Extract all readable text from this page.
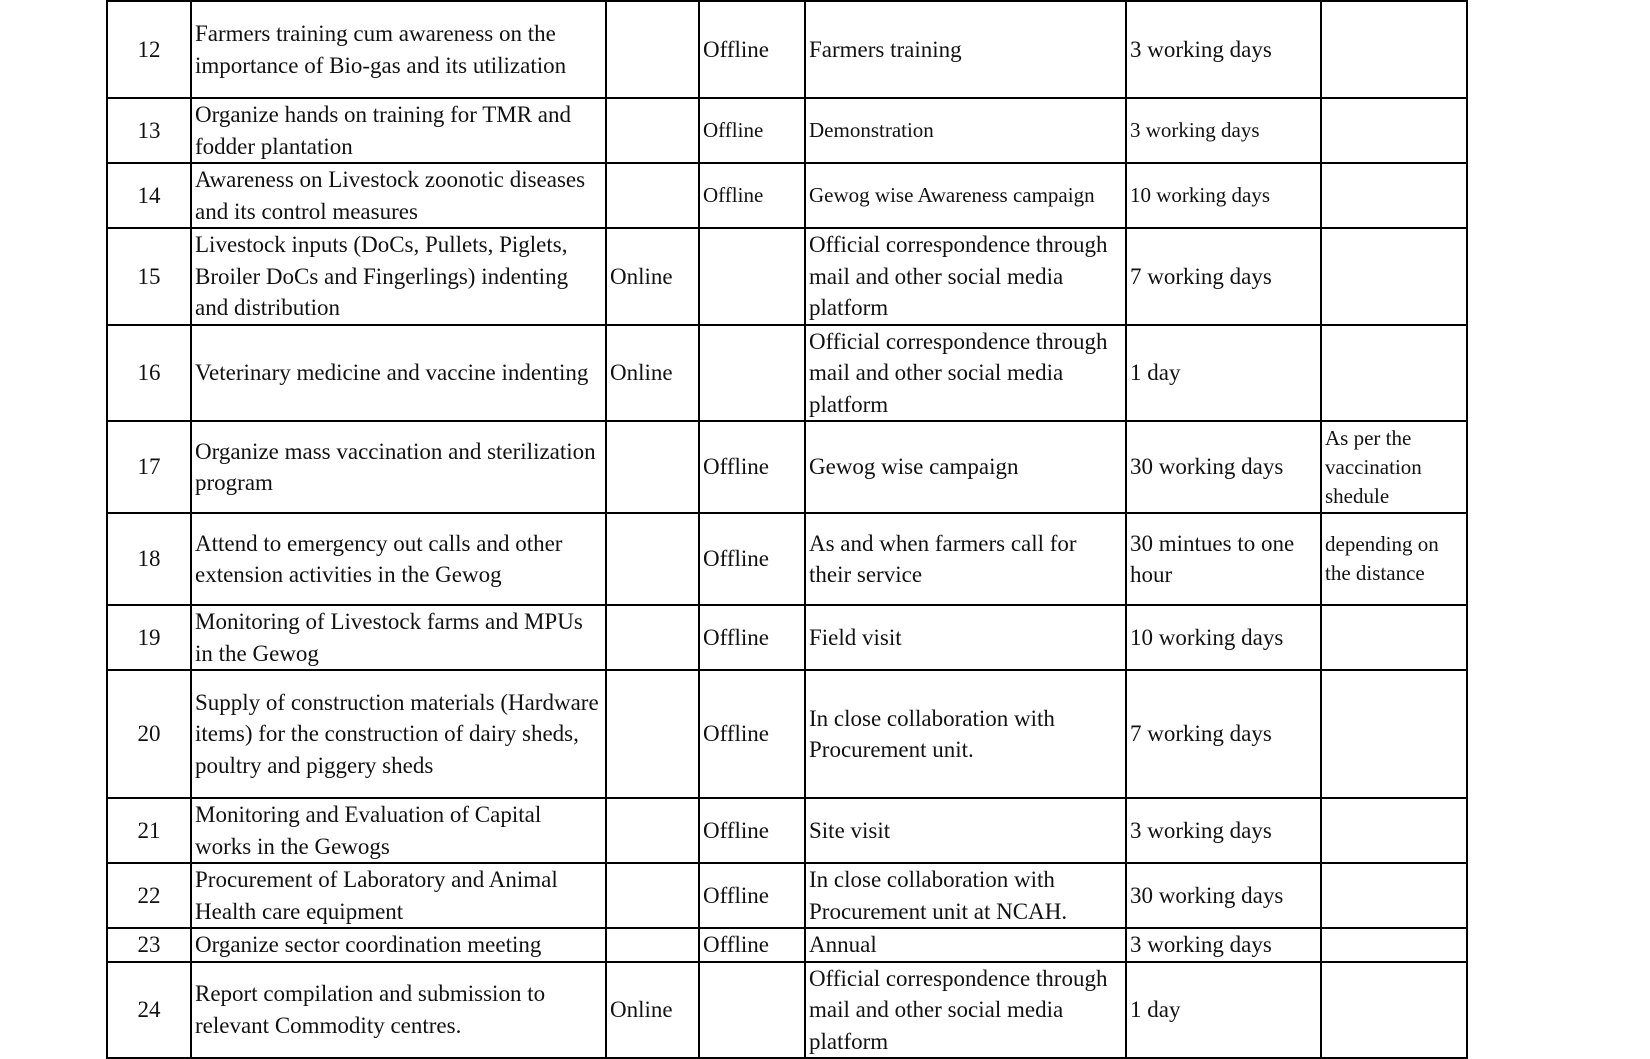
12	Farmers training cum awareness on the importance of Bio-gas and its utilization		Offline	Farmers training	3 working days	
13	Organize hands on training for TMR and fodder plantation		Offline	Demonstration	3 working days	
14	Awareness on Livestock zoonotic diseases and its control measures		Offline	Gewog wise Awareness campaign	10 working days	
15	Livestock inputs (DoCs, Pullets, Piglets, Broiler DoCs and Fingerlings) indenting and distribution	Online		Official correspondence through mail and other social media platform	7 working days	
16	Veterinary medicine and vaccine indenting	Online		Official correspondence through mail and other social media platform	1 day	
17	Organize mass vaccination and sterilization program		Offline	Gewog wise campaign	30 working days	As per the vaccination shedule
18	Attend to emergency out calls and other extension activities in the Gewog		Offline	As and when farmers call for their service	30 mintues to one hour	depending on the distance
19	Monitoring of Livestock farms and MPUs in the Gewog		Offline	Field visit	10 working days	
20	Supply of construction materials (Hardware items) for the construction of dairy sheds, poultry and piggery sheds		Offline	In close collaboration with Procurement unit.	7 working days	
21	Monitoring and Evaluation of Capital works in the Gewogs		Offline	Site visit	3 working days	
22	Procurement of Laboratory and Animal Health care equipment		Offline	In close collaboration with Procurement unit at NCAH.	30 working days	
23	Organize sector coordination meeting		Offline	Annual	3 working days	
24	Report compilation and submission to relevant Commodity centres.	Online		Official correspondence through mail and other social media platform	1 day	
